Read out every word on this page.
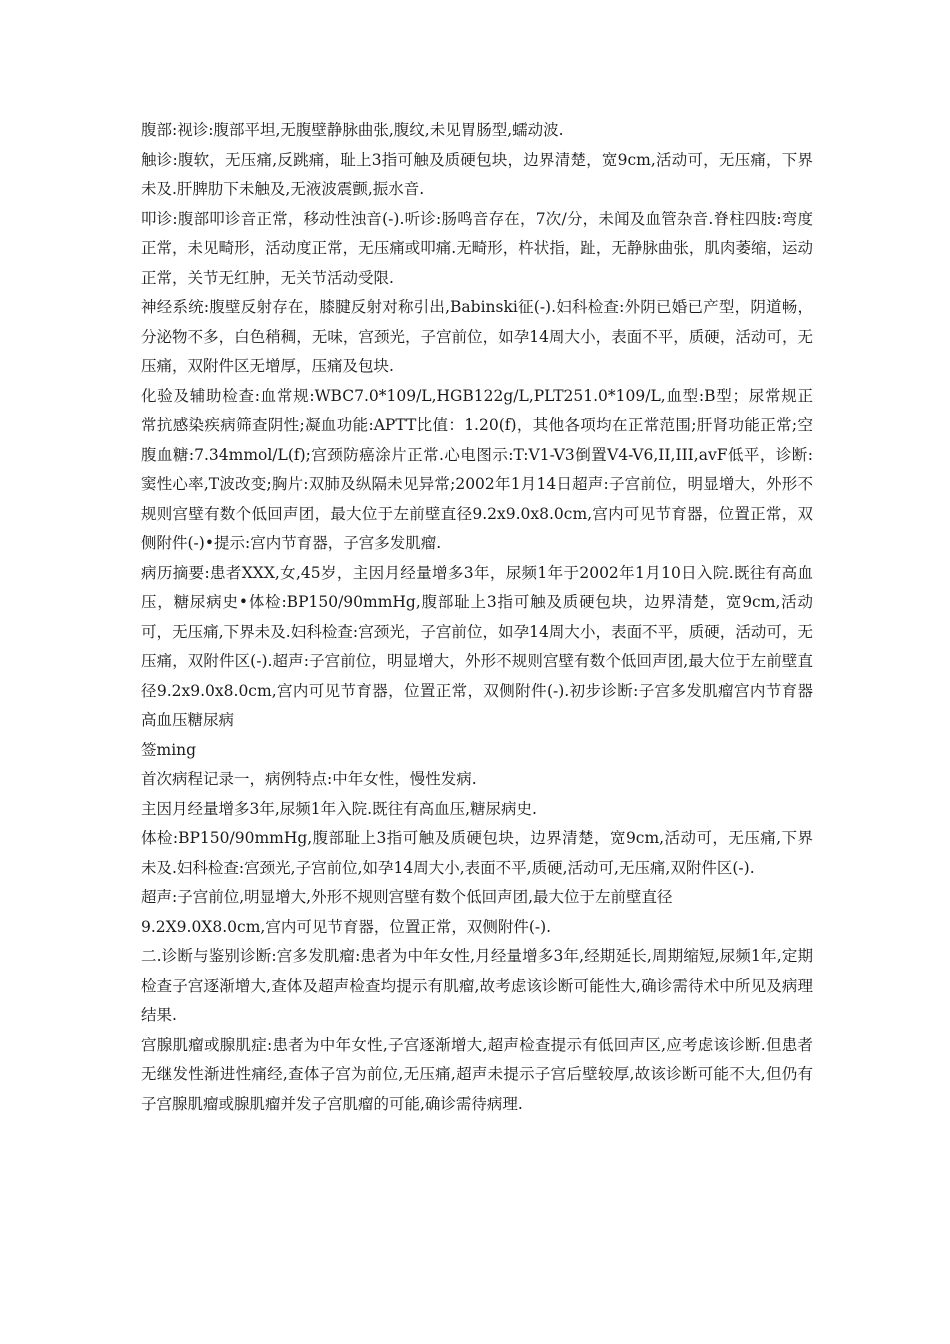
腹部:视诊:腹部平坦,无腹壁静脉曲张,腹纹,未见胃肠型,蠕动波.

触诊:腹软，无压痛,反跳痛，耻上3指可触及质硬包块，边界清楚，宽9cm,活动可，无压痛，下界未及.肝脾肋下未触及,无液波震颤,振水音.

叩诊:腹部叩诊音正常，移动性浊音(-).听诊:肠鸣音存在，7次/分，未闻及血管杂音.脊柱四肢:弯度正常，未见畸形，活动度正常，无压痛或叩痛.无畸形，杵状指，趾，无静脉曲张，肌肉萎缩，运动正常，关节无红肿，无关节活动受限.

神经系统:腹壁反射存在，膝腱反射对称引出,Babinski征(-).妇科检查:外阴已婚已产型，阴道畅，分泌物不多，白色稍稠，无味，宫颈光，子宫前位，如孕14周大小，表面不平，质硬，活动可，无压痛，双附件区无增厚，压痛及包块.

化验及辅助检查:血常规:WBC7.0*109/L,HGB122g/L,PLT251.0*109/L,血型:B型；尿常规正常抗感染疾病筛查阴性;凝血功能:APTT比值：1.20(f)，其他各项均在正常范围;肝肾功能正常;空腹血糖:7.34mmol/L(f);宫颈防癌涂片正常.心电图示:T:V1-V3倒置V4-V6,II,III,avF低平，诊断:窦性心率,T波改变;胸片:双肺及纵隔未见异常;2002年1月14日超声:子宫前位，明显增大，外形不规则宫壁有数个低回声团，最大位于左前壁直径9.2x9.0x8.0cm,宫内可见节育器，位置正常，双侧附件(-)•提示:宫内节育器，子宫多发肌瘤.

病历摘要:患者XXX,女,45岁，主因月经量增多3年，尿频1年于2002年1月10日入院.既往有高血压，糖尿病史•体检:BP150/90mmHg,腹部耻上3指可触及质硬包块，边界清楚，宽9cm,活动可，无压痛,下界未及.妇科检查:宫颈光，子宫前位，如孕14周大小，表面不平，质硬，活动可，无压痛，双附件区(-).超声:子宫前位，明显增大，外形不规则宫壁有数个低回声团,最大位于左前壁直径9.2x9.0x8.0cm,宫内可见节育器，位置正常，双侧附件(-).初步诊断:子宫多发肌瘤宫内节育器高血压糖尿病

签ming

首次病程记录一，病例特点:中年女性，慢性发病.

主因月经量增多3年,尿频1年入院.既往有高血压,糖尿病史.

体检:BP150/90mmHg,腹部耻上3指可触及质硬包块，边界清楚，宽9cm,活动可，无压痛,下界未及.妇科检查:宫颈光,子宫前位,如孕14周大小,表面不平,质硬,活动可,无压痛,双附件区(-).

超声:子宫前位,明显增大,外形不规则宫壁有数个低回声团,最大位于左前壁直径

9.2X9.0X8.0cm,宫内可见节育器，位置正常，双侧附件(-).

二.诊断与鉴别诊断:宫多发肌瘤:患者为中年女性,月经量增多3年,经期延长,周期缩短,尿频1年,定期检查子宫逐渐增大,查体及超声检查均提示有肌瘤,故考虑该诊断可能性大,确诊需待术中所见及病理结果.

宫腺肌瘤或腺肌症:患者为中年女性,子宫逐渐增大,超声检查提示有低回声区,应考虑该诊断.但患者无继发性渐进性痛经,查体子宫为前位,无压痛,超声未提示子宫后壁较厚,故该诊断可能不大,但仍有子宫腺肌瘤或腺肌瘤并发子宫肌瘤的可能,确诊需待病理.
